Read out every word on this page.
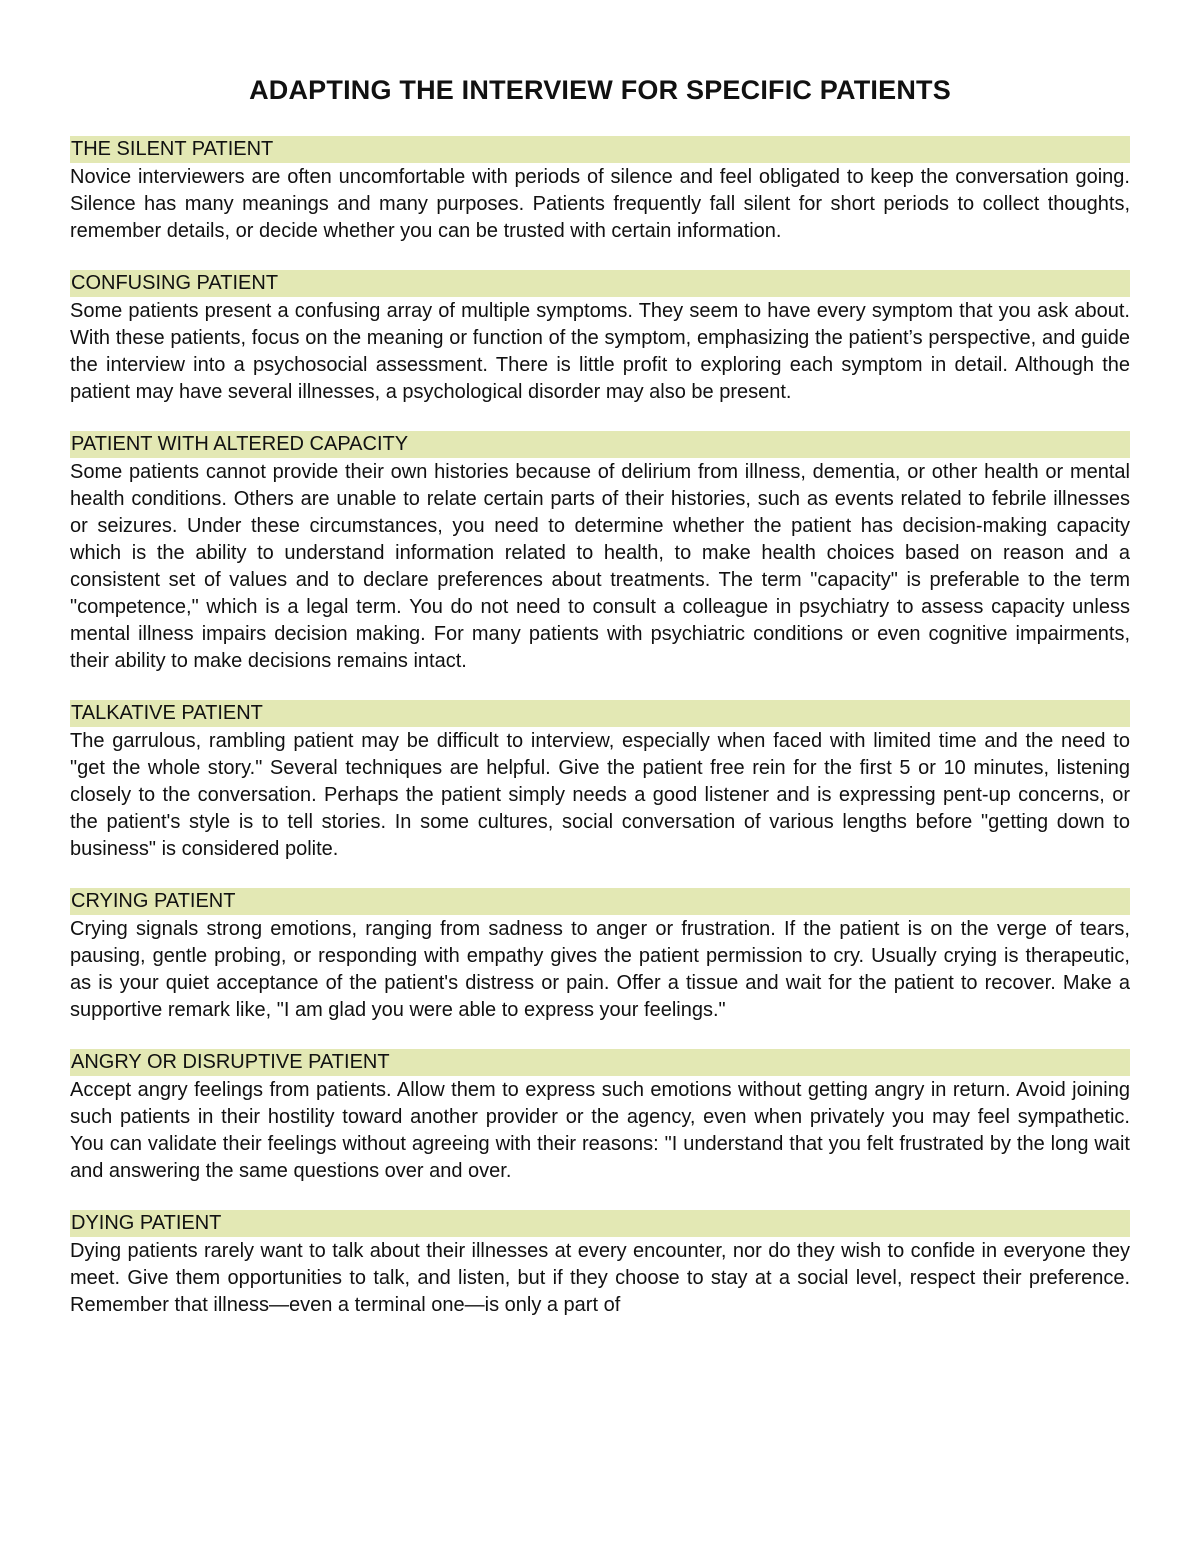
ADAPTING THE INTERVIEW FOR SPECIFIC PATIENTS
THE SILENT PATIENT

Novice interviewers are often uncomfortable with periods of silence and feel obligated to keep the conversation going. Silence has many meanings and many purposes. Patients frequently fall silent for short periods to collect thoughts, remember details, or decide whether you can be trusted with certain information.

CONFUSING PATIENT

Some patients present a confusing array of multiple symptoms. They seem to have every symptom that you ask about. With these patients, focus on the meaning or function of the symptom, emphasizing the patient’s perspective, and guide the interview into a psychosocial assessment. There is little profit to exploring each symptom in detail. Although the patient may have several illnesses, a psychological disorder may also be present.

PATIENT WITH ALTERED CAPACITY

Some patients cannot provide their own histories because of delirium from illness, dementia, or other health or mental health conditions. Others are unable to relate certain parts of their histories, such as events related to febrile illnesses or seizures. Under these circumstances, you need to determine whether the patient has decision-making capacity which is the ability to understand information related to health, to make health choices based on reason and a consistent set of values and to declare preferences about treatments. The term "capacity" is preferable to the term "competence," which is a legal term. You do not need to consult a colleague in psychiatry to assess capacity unless mental illness impairs decision making. For many patients with psychiatric conditions or even cognitive impairments, their ability to make decisions remains intact.

TALKATIVE PATIENT

The garrulous, rambling patient may be difficult to interview, especially when faced with limited time and the need to "get the whole story." Several techniques are helpful. Give the patient free rein for the first 5 or 10 minutes, listening closely to the conversation. Perhaps the patient simply needs a good listener and is expressing pent-up concerns, or the patient's style is to tell stories. In some cultures, social conversation of various lengths before "getting down to business" is considered polite.

CRYING PATIENT

Crying signals strong emotions, ranging from sadness to anger or frustration. If the patient is on the verge of tears, pausing, gentle probing, or responding with empathy gives the patient permission to cry. Usually crying is therapeutic, as is your quiet acceptance of the patient's distress or pain. Offer a tissue and wait for the patient to recover. Make a supportive remark like, "I am glad you were able to express your feelings."

ANGRY OR DISRUPTIVE PATIENT

Accept angry feelings from patients. Allow them to express such emotions without getting angry in return. Avoid joining such patients in their hostility toward another provider or the agency, even when privately you may feel sympathetic. You can validate their feelings without agreeing with their reasons: "I understand that you felt frustrated by the long wait and answering the same questions over and over.

DYING PATIENT

Dying patients rarely want to talk about their illnesses at every encounter, nor do they wish to confide in everyone they meet. Give them opportunities to talk, and listen, but if they choose to stay at a social level, respect their preference. Remember that illness—even a terminal one—is only a part of
